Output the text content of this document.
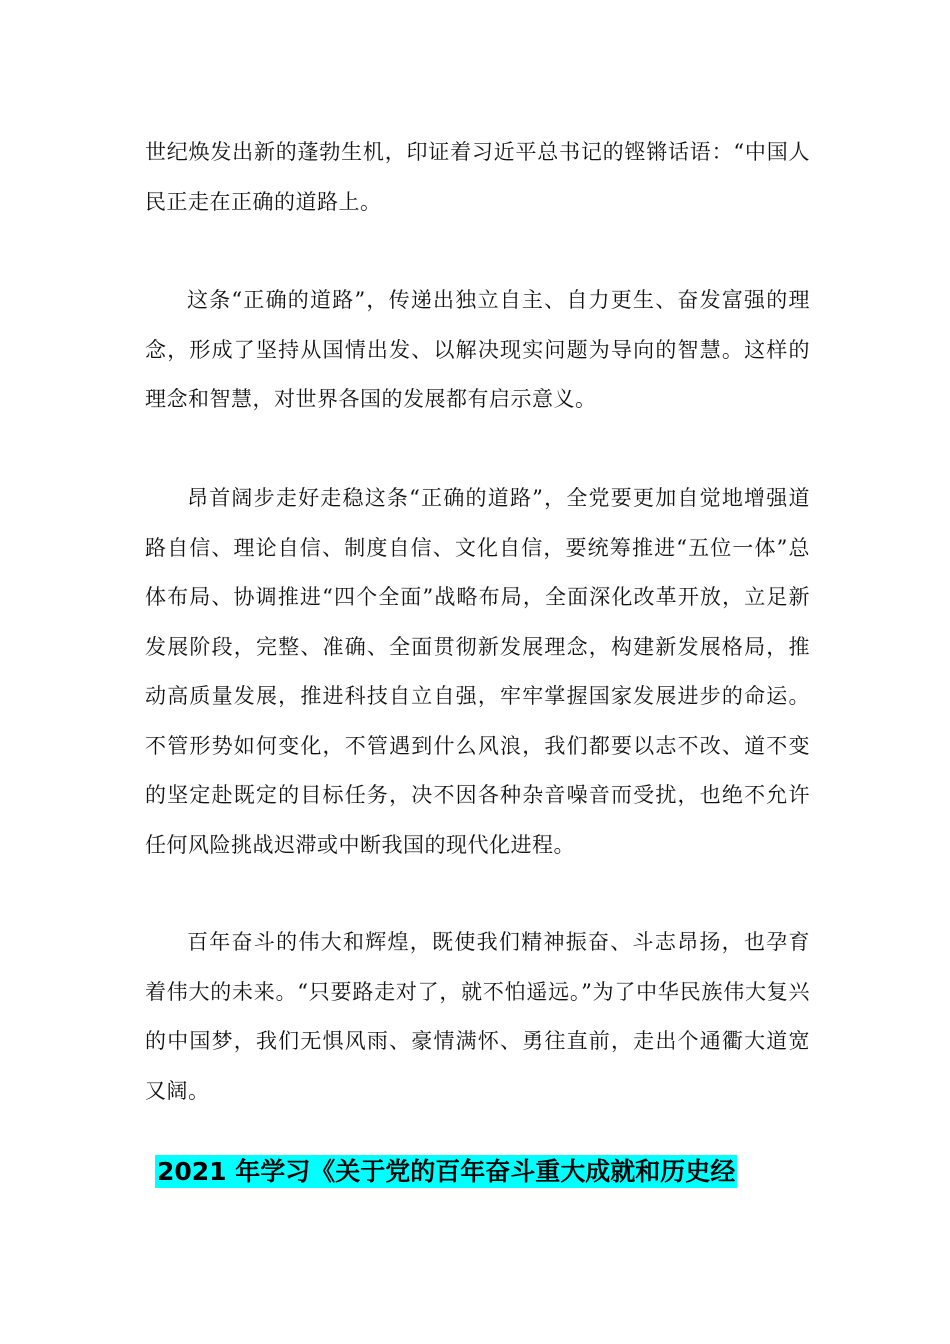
世纪焕发出新的蓬勃生机，印证着习近平总书记的铿锵话语：“中国人民正走在正确的道路上。

这条“正确的道路”，传递出独立自主、自力更生、奋发富强的理念，形成了坚持从国情出发、以解决现实问题为导向的智慧。这样的理念和智慧，对世界各国的发展都有启示意义。

昂首阔步走好走稳这条“正确的道路”，全党要更加自觉地增强道路自信、理论自信、制度自信、文化自信，要统筹推进“五位一体”总体布局、协调推进“四个全面”战略布局，全面深化改革开放，立足新发展阶段，完整、准确、全面贯彻新发展理念，构建新发展格局，推动高质量发展，推进科技自立自强，牢牢掌握国家发展进步的命运。不管形势如何变化，不管遇到什么风浪，我们都要以志不改、道不变的坚定赴既定的目标任务，决不因各种杂音噪音而受扰，也绝不允许任何风险挑战迟滞或中断我国的现代化进程。

百年奋斗的伟大和辉煌，既使我们精神振奋、斗志昂扬，也孕育着伟大的未来。“只要路走对了，就不怕遥远。”为了中华民族伟大复兴的中国梦，我们无惧风雨、豪情满怀、勇往直前，走出个通衢大道宽又阔。

2021 年学习《关于党的百年奋斗重大成就和历史经
